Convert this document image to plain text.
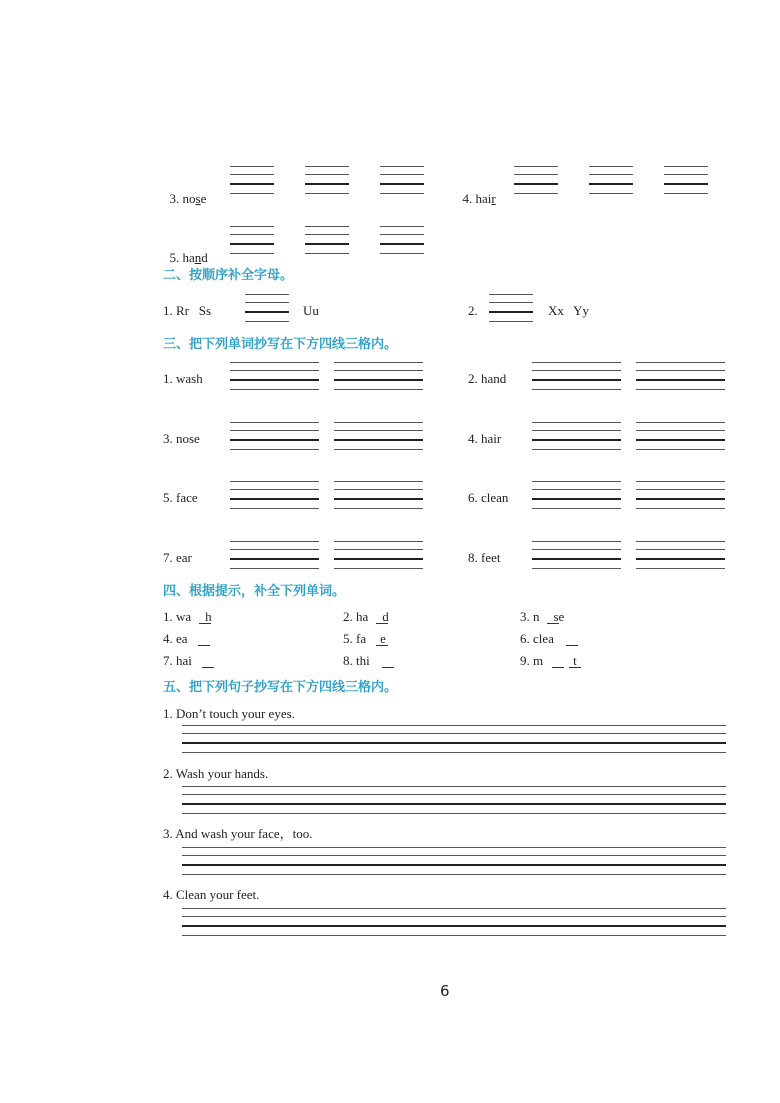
3. nose	4. hair

5. hand

二、按顺序补全字母。
1. Rr   Ss	Uu	2.	Xx   Yy
三、把下列单词抄写在下方四线三格内。
1. wash	2. hand
3. nose	4. hair
5. face	6. clean
7. ear	8. feet
四、根据提示，补全下列单词。
1. wa h	2. ha d	3. n se
4. ea	5. fa e	6. clea
7. hai	8. thi	9. m t
五、把下列句子抄写在下方四线三格内。
1. Don’t touch your eyes.
2. Wash your hands.
3. And wash your face，too.
4. Clean your feet.
6
